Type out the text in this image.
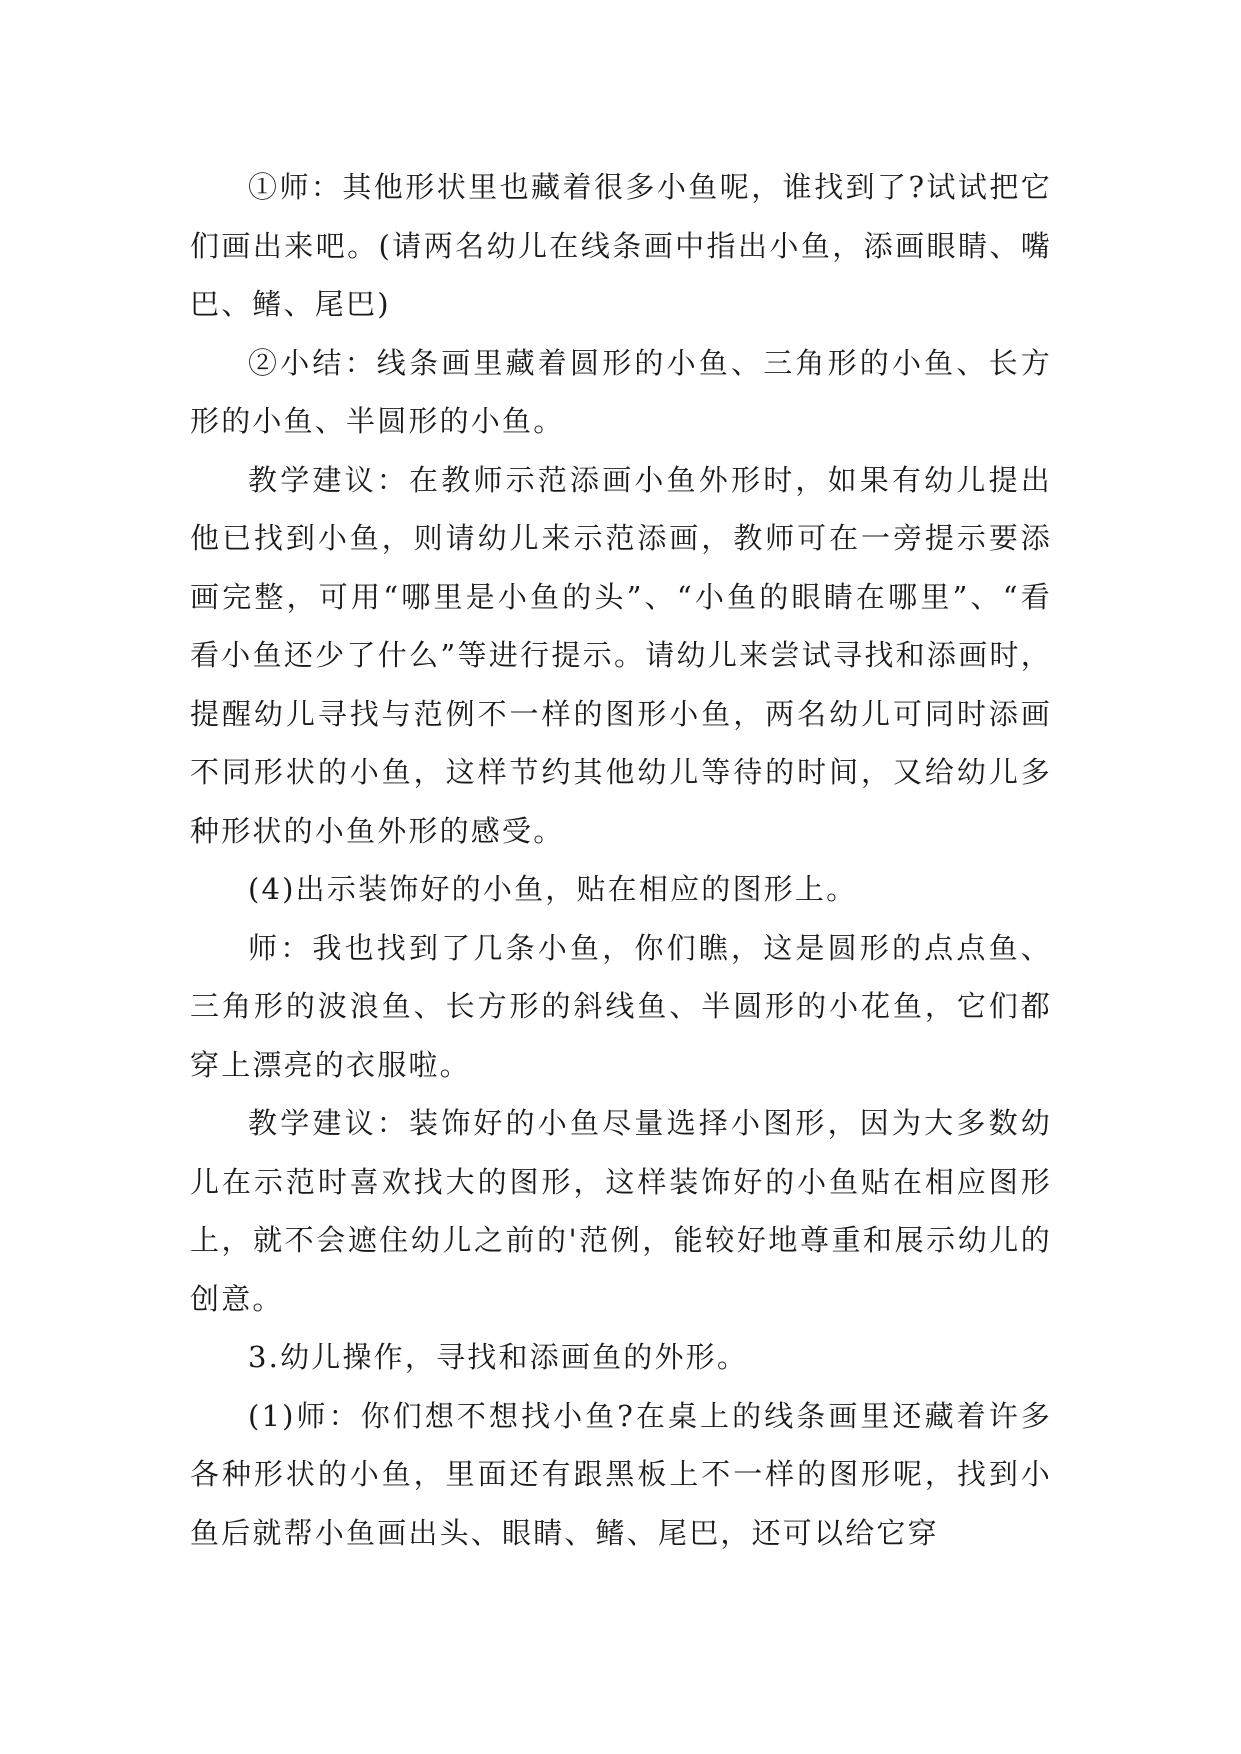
①师：其他形状里也藏着很多小鱼呢，谁找到了?试试把它们画出来吧。(请两名幼儿在线条画中指出小鱼，添画眼睛、嘴巴、鳍、尾巴)

②小结：线条画里藏着圆形的小鱼、三角形的小鱼、长方形的小鱼、半圆形的小鱼。

教学建议：在教师示范添画小鱼外形时，如果有幼儿提出他已找到小鱼，则请幼儿来示范添画，教师可在一旁提示要添画完整，可用“哪里是小鱼的头”、“小鱼的眼睛在哪里”、“看看小鱼还少了什么”等进行提示。请幼儿来尝试寻找和添画时，提醒幼儿寻找与范例不一样的图形小鱼，两名幼儿可同时添画不同形状的小鱼，这样节约其他幼儿等待的时间，又给幼儿多种形状的小鱼外形的感受。

(4)出示装饰好的小鱼，贴在相应的图形上。

师：我也找到了几条小鱼，你们瞧，这是圆形的点点鱼、三角形的波浪鱼、长方形的斜线鱼、半圆形的小花鱼，它们都穿上漂亮的衣服啦。

教学建议：装饰好的小鱼尽量选择小图形，因为大多数幼儿在示范时喜欢找大的图形，这样装饰好的小鱼贴在相应图形上，就不会遮住幼儿之前的'范例，能较好地尊重和展示幼儿的创意。

3.幼儿操作，寻找和添画鱼的外形。

(1)师：你们想不想找小鱼?在桌上的线条画里还藏着许多各种形状的小鱼，里面还有跟黑板上不一样的图形呢，找到小鱼后就帮小鱼画出头、眼睛、鳍、尾巴，还可以给它穿
